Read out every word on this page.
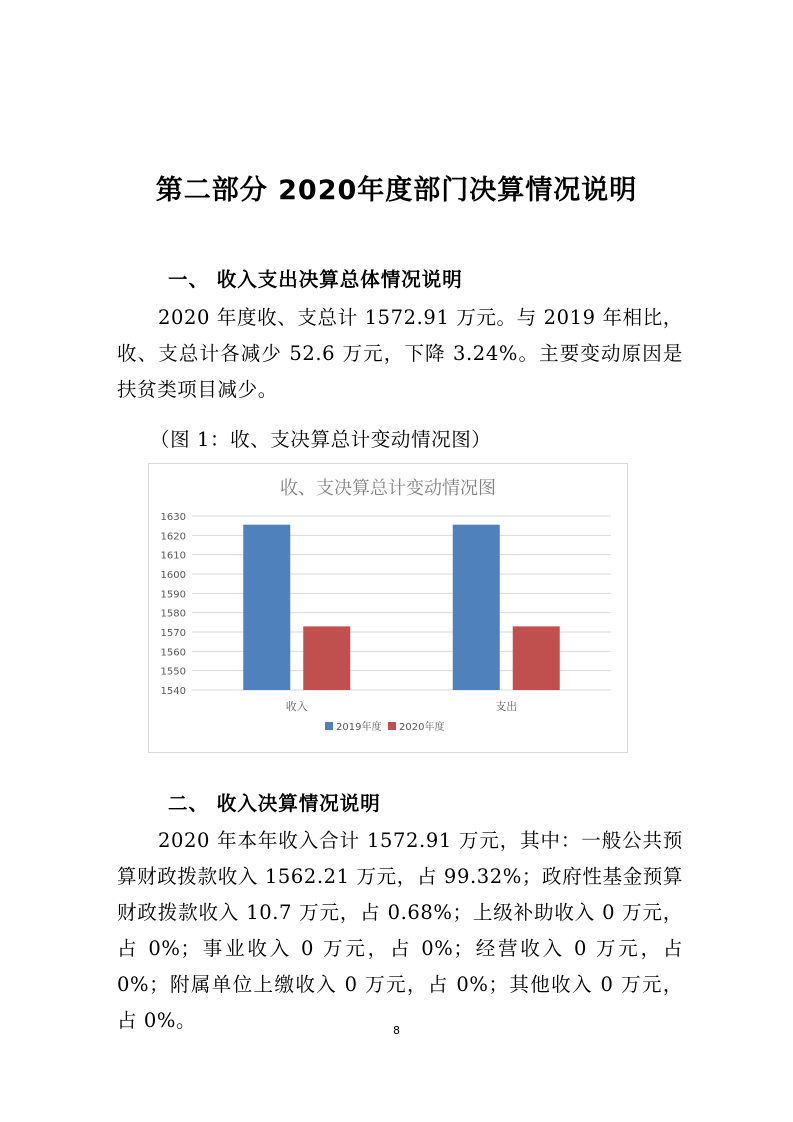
第二部分 2020年度部门决算情况说明
一、 收入支出决算总体情况说明

2020 年度收、支总计 1572.91 万元。与 2019 年相比，收、支总计各减少 52.6 万元，下降 3.24%。主要变动原因是扶贫类项目减少。

（图 1：收、支决算总计变动情况图）

收、支决算总计变动情况图
1540
1550
1560
1570
1580
1590
1600
1610
1620
1630
收入	支出
2019年度 2020年度
二、 收入决算情况说明

2020 年本年收入合计 1572.91 万元，其中：一般公共预算财政拨款收入 1562.21 万元，占 99.32%；政府性基金预算财政拨款收入 10.7 万元，占 0.68%；上级补助收入 0 万元，占 0%；事业收入 0 万元，占 0%；经营收入 0 万元，占 0%；附属单位上缴收入 0 万元，占 0%；其他收入 0 万元，占 0%。	8
